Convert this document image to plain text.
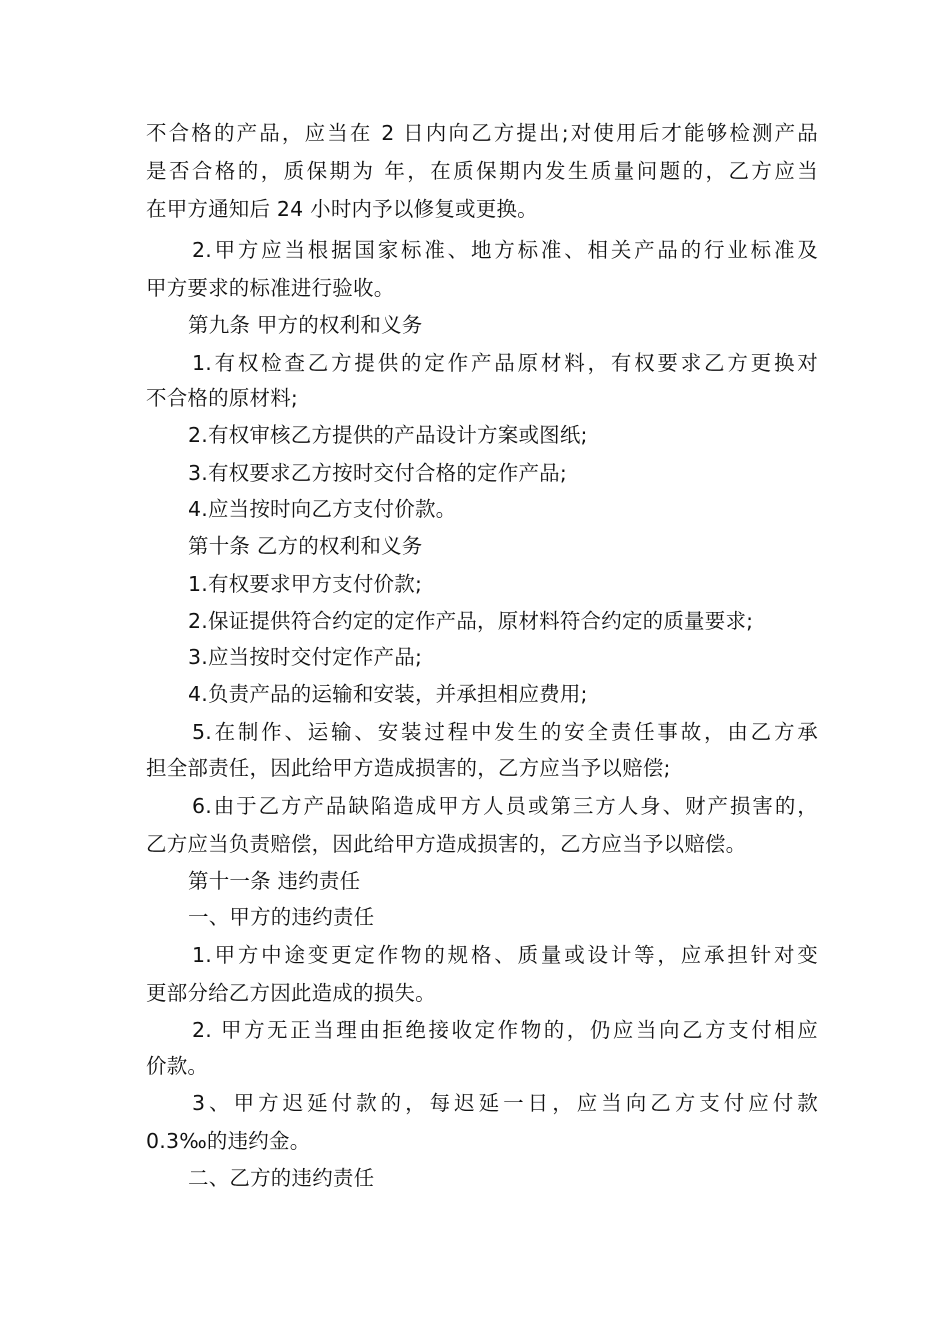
不合格的产品，应当在 2 日内向乙方提出;对使用后才能够检测产品
是否合格的，质保期为 年，在质保期内发生质量问题的，乙方应当
在甲方通知后 24 小时内予以修复或更换。
2.甲方应当根据国家标准、地方标准、相关产品的行业标准及
甲方要求的标准进行验收。
第九条 甲方的权利和义务
1.有权检查乙方提供的定作产品原材料，有权要求乙方更换对
不合格的原材料;
2.有权审核乙方提供的产品设计方案或图纸;
3.有权要求乙方按时交付合格的定作产品;
4.应当按时向乙方支付价款。
第十条 乙方的权利和义务
1.有权要求甲方支付价款;
2.保证提供符合约定的定作产品，原材料符合约定的质量要求;
3.应当按时交付定作产品;
4.负责产品的运输和安装，并承担相应费用;
5.在制作、运输、安装过程中发生的安全责任事故，由乙方承
担全部责任，因此给甲方造成损害的，乙方应当予以赔偿;
6.由于乙方产品缺陷造成甲方人员或第三方人身、财产损害的，
乙方应当负责赔偿，因此给甲方造成损害的，乙方应当予以赔偿。
第十一条 违约责任
一、甲方的违约责任
1.甲方中途变更定作物的规格、质量或设计等，应承担针对变
更部分给乙方因此造成的损失。
2. 甲方无正当理由拒绝接收定作物的，仍应当向乙方支付相应
价款。
3、甲方迟延付款的，每迟延一日，应当向乙方支付应付款
0.3‰的违约金。
二、乙方的违约责任
